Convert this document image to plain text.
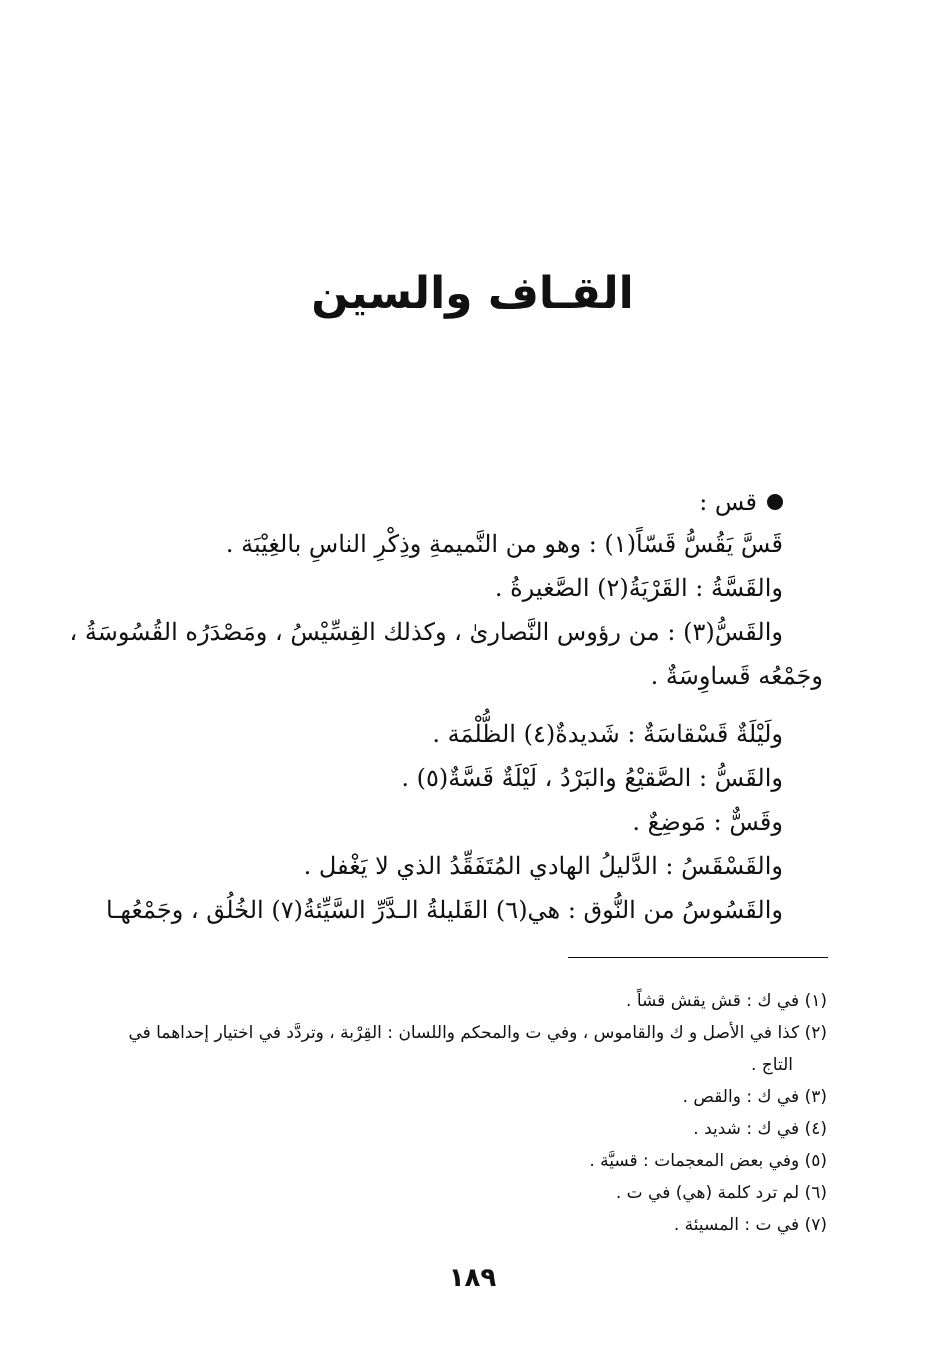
القـاف والسين
قس :
قَسَّ يَقُسُّ قَسّاً(١) : وهو من النَّميمةِ وذِكْرِ الناسِ بالغِيْبَة .
والقَسَّةُ : القَرْيَةُ(٢) الصَّغيرةُ .
والقَسُّ(٣) : من رؤوس النَّصارىٰ ، وكذلك القِسِّيْسُ ، ومَصْدَرُه القُسُوسَةُ ،
وجَمْعُه قَساوِسَةٌ .
ولَيْلَةٌ قَسْقاسَةٌ : شَديدةٌ(٤) الظُّلْمَة .
والقَسُّ : الصَّقيْعُ والبَرْدُ ، لَيْلَةٌ قَسَّةٌ(٥) .
وقَسٌّ : مَوضِعٌ .
والقَسْقَسُ : الدَّليلُ الهادي المُتَفَقِّدُ الذي لا يَغْفل .
والقَسُوسُ من النُّوق : هي(٦) القَليلةُ الـدَّرِّ السَّيِّئةُ(٧) الخُلُق ، وجَمْعُهـا
(١) في ك : قش يقش قشاً .
(٢) كذا في الأصل و ك والقاموس ، وفي ت والمحكم واللسان : القِرْبة ، وتردَّد في اختيار إحداهما في
التاج .
(٣) في ك : والقص .
(٤) في ك : شديد .
(٥) وفي بعض المعجمات : قسيَّة .
(٦) لم ترد كلمة (هي) في ت .
(٧) في ت : المسيئة .
١٨٩
